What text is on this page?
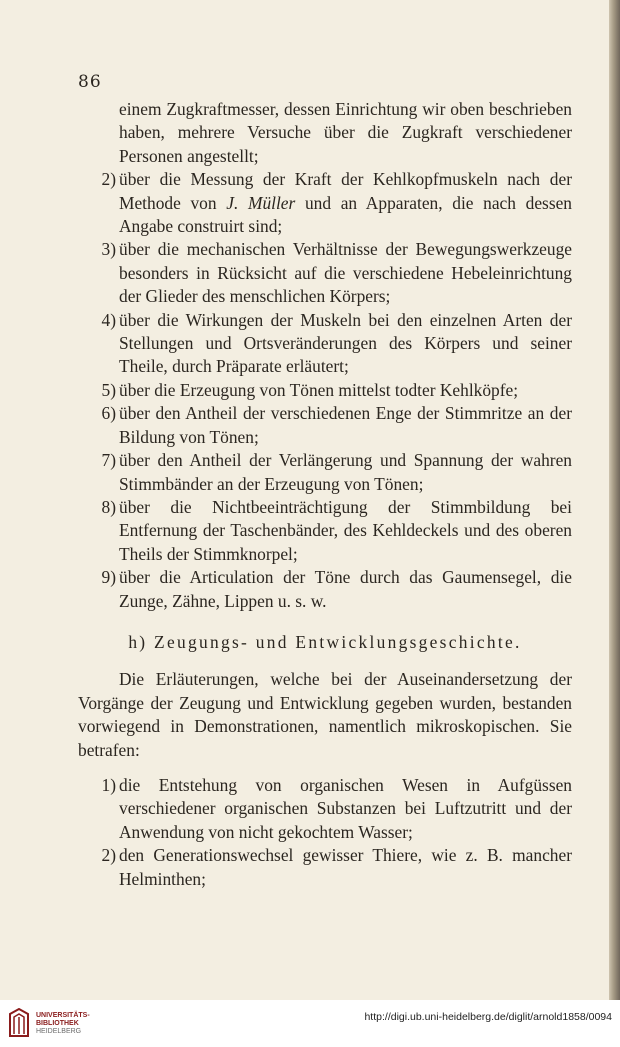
86
einem Zugkraftmesser, dessen Einrichtung wir oben beschrieben haben, mehrere Versuche über die Zugkraft verschiedener Personen angestellt;
2) über die Messung der Kraft der Kehlkopfmuskeln nach der Methode von J. Müller und an Apparaten, die nach dessen Angabe construirt sind;
3) über die mechanischen Verhältnisse der Bewegungswerkzeuge besonders in Rücksicht auf die verschiedene Hebeleinrichtung der Glieder des menschlichen Körpers;
4) über die Wirkungen der Muskeln bei den einzelnen Arten der Stellungen und Ortsveränderungen des Körpers und seiner Theile, durch Präparate erläutert;
5) über die Erzeugung von Tönen mittelst todter Kehlköpfe;
6) über den Antheil der verschiedenen Enge der Stimmritze an der Bildung von Tönen;
7) über den Antheil der Verlängerung und Spannung der wahren Stimmbänder an der Erzeugung von Tönen;
8) über die Nichtbeeinträchtigung der Stimmbildung bei Entfernung der Taschenbänder, des Kehldeckels und des oberen Theils der Stimmknorpel;
9) über die Articulation der Töne durch das Gaumensegel, die Zunge, Zähne, Lippen u. s. w.
h) Zeugungs- und Entwicklungsgeschichte.

Die Erläuterungen, welche bei der Auseinandersetzung der Vorgänge der Zeugung und Entwicklung gegeben wurden, bestanden vorwiegend in Demonstrationen, namentlich mikroskopischen. Sie betrafen:

1) die Entstehung von organischen Wesen in Aufgüssen verschiedener organischen Substanzen bei Luftzutritt und der Anwendung von nicht gekochtem Wasser;
2) den Generationswechsel gewisser Thiere, wie z. B. mancher Helminthen;
UNIVERSITÄTS-
BIBLIOTHEK
HEIDELBERG
http://digi.ub.uni-heidelberg.de/diglit/arnold1858/0094
